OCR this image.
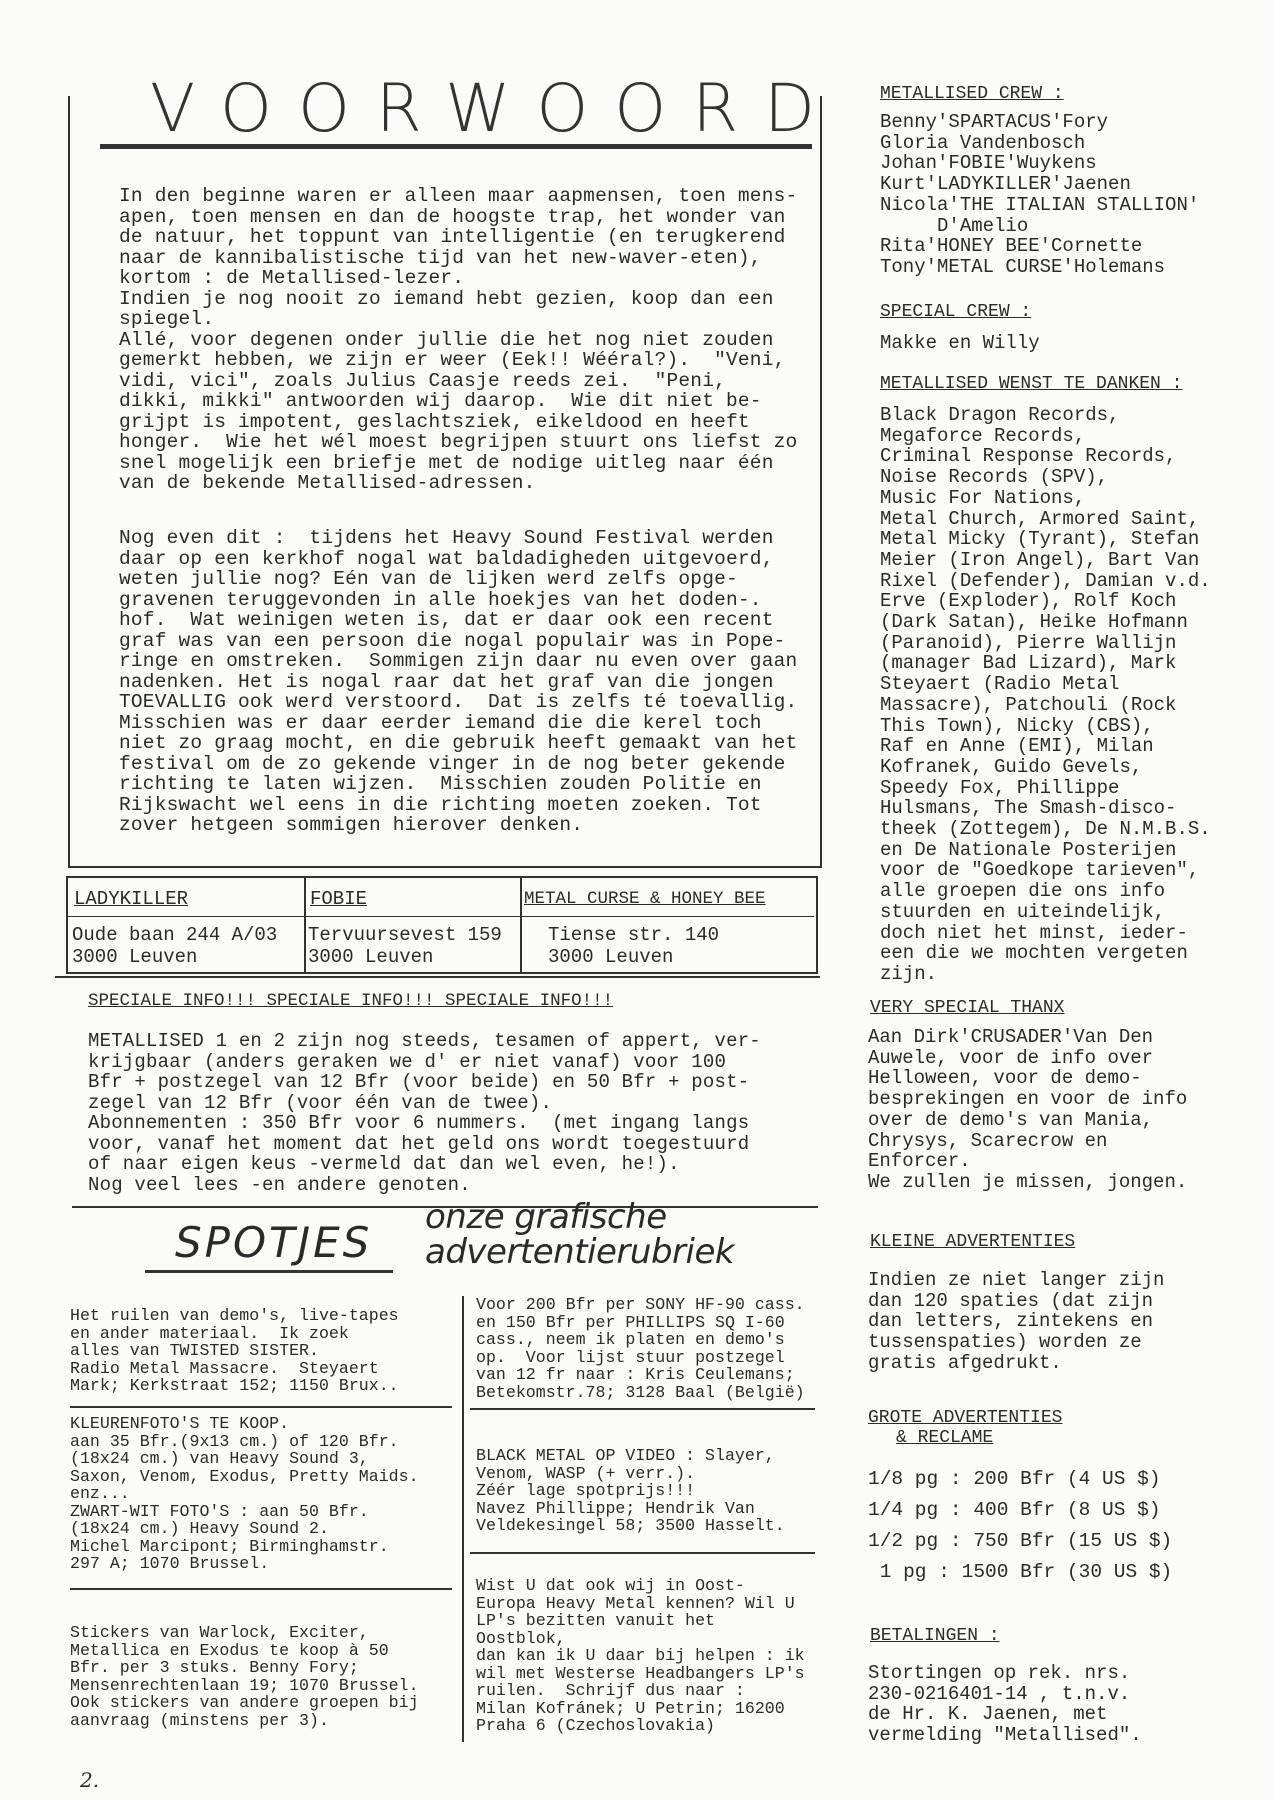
VOORWOORD
In den beginne waren er alleen maar aapmensen, toen mens-
apen, toen mensen en dan de hoogste trap, het wonder van
de natuur, het toppunt van intelligentie (en terugkerend
naar de kannibalistische tijd van het new-waver-eten),
kortom : de Metallised-lezer.
Indien je nog nooit zo iemand hebt gezien, koop dan een
spiegel.
Allé, voor degenen onder jullie die het nog niet zouden
gemerkt hebben, we zijn er weer (Eek!! Wééral?).  "Veni,
vidi, vici", zoals Julius Caasje reeds zei.  "Peni,
dikki, mikki" antwoorden wij daarop.  Wie dit niet be-
grijpt is impotent, geslachtsziek, eikeldood en heeft
honger.  Wie het wél moest begrijpen stuurt ons liefst zo
snel mogelijk een briefje met de nodige uitleg naar één
van de bekende Metallised-adressen.
Nog even dit :  tijdens het Heavy Sound Festival werden
daar op een kerkhof nogal wat baldadigheden uitgevoerd,
weten jullie nog? Eén van de lijken werd zelfs opge-
gravenen teruggevonden in alle hoekjes van het doden-.
hof.  Wat weinigen weten is, dat er daar ook een recent
graf was van een persoon die nogal populair was in Pope-
ringe en omstreken.  Sommigen zijn daar nu even over gaan
nadenken. Het is nogal raar dat het graf van die jongen
TOEVALLIG ook werd verstoord.  Dat is zelfs té toevallig.
Misschien was er daar eerder iemand die die kerel toch
niet zo graag mocht, en die gebruik heeft gemaakt van het
festival om de zo gekende vinger in de nog beter gekende
richting te laten wijzen.  Misschien zouden Politie en
Rijkswacht wel eens in die richting moeten zoeken. Tot
zover hetgeen sommigen hierover denken.
LADYKILLER
Oude baan 244 A/03
3000 Leuven
FOBIE
Tervuursevest 159
3000 Leuven
METAL CURSE & HONEY BEE
Tiense str. 140
3000 Leuven
SPECIALE INFO!!! SPECIALE INFO!!! SPECIALE INFO!!!
METALLISED 1 en 2 zijn nog steeds, tesamen of appert, ver-
krijgbaar (anders geraken we d' er niet vanaf) voor 100
Bfr + postzegel van 12 Bfr (voor beide) en 50 Bfr + post-
zegel van 12 Bfr (voor één van de twee).
Abonnementen : 350 Bfr voor 6 nummers.  (met ingang langs
voor, vanaf het moment dat het geld ons wordt toegestuurd
of naar eigen keus -vermeld dat dan wel even, he!).
Nog veel lees -en andere genoten.
SPOTJES
onze grafische
advertentierubriek
Het ruilen van demo's, live-tapes
en ander materiaal.  Ik zoek
alles van TWISTED SISTER.
Radio Metal Massacre.  Steyaert
Mark; Kerkstraat 152; 1150 Brux..
KLEURENFOTO'S TE KOOP.
aan 35 Bfr.(9x13 cm.) of 120 Bfr.
(18x24 cm.) van Heavy Sound 3,
Saxon, Venom, Exodus, Pretty Maids.
enz...
ZWART-WIT FOTO'S : aan 50 Bfr.
(18x24 cm.) Heavy Sound 2.
Michel Marcipont; Birminghamstr.
297 A; 1070 Brussel.
Stickers van Warlock, Exciter,
Metallica en Exodus te koop à 50
Bfr. per 3 stuks. Benny Fory;
Mensenrechtenlaan 19; 1070 Brussel.
Ook stickers van andere groepen bij
aanvraag (minstens per 3).
Voor 200 Bfr per SONY HF-90 cass.
en 150 Bfr per PHILLIPS SQ I-60
cass., neem ik platen en demo's
op.  Voor lijst stuur postzegel
van 12 fr naar : Kris Ceulemans;
Betekomstr.78; 3128 Baal (België)
BLACK METAL OP VIDEO : Slayer,
Venom, WASP (+ verr.).
Zéér lage spotprijs!!!
Navez Phillippe; Hendrik Van
Veldekesingel 58; 3500 Hasselt.
Wist U dat ook wij in Oost- Europa Heavy Metal kennen? Wil U
LP's bezitten vanuit het Oostblok,
dan kan ik U daar bij helpen : ik
wil met Westerse Headbangers LP's
ruilen.  Schrijf dus naar :
Milan Kofránek; U Petrin; 16200
Praha 6 (Czechoslovakia)
METALLISED CREW :
Benny'SPARTACUS'Fory
Gloria Vandenbosch
Johan'FOBIE'Wuykens
Kurt'LADYKILLER'Jaenen
Nicola'THE ITALIAN STALLION'
D'Amelio
Rita'HONEY BEE'Cornette
Tony'METAL CURSE'Holemans
SPECIAL CREW :
Makke en Willy
METALLISED WENST TE DANKEN :
Black Dragon Records,
Megaforce Records,
Criminal Response Records,
Noise Records (SPV),
Music For Nations,
Metal Church, Armored Saint,
Metal Micky (Tyrant), Stefan
Meier (Iron Angel), Bart Van
Rixel (Defender), Damian v.d.
Erve (Exploder), Rolf Koch
(Dark Satan), Heike Hofmann
(Paranoid), Pierre Wallijn
(manager Bad Lizard), Mark
Steyaert (Radio Metal
Massacre), Patchouli (Rock
This Town), Nicky (CBS),
Raf en Anne (EMI), Milan
Kofranek, Guido Gevels,
Speedy Fox, Phillippe
Hulsmans, The Smash-disco-
theek (Zottegem), De N.M.B.S.
en De Nationale Posterijen
voor de "Goedkope tarieven",
alle groepen die ons info
stuurden en uiteindelijk,
doch niet het minst, ieder-
een die we mochten vergeten
zijn.
VERY SPECIAL THANX
Aan Dirk'CRUSADER'Van Den
Auwele, voor de info over
Helloween, voor de demo-
besprekingen en voor de info
over de demo's van Mania,
Chrysys, Scarecrow en
Enforcer.
We zullen je missen, jongen.
KLEINE ADVERTENTIES
Indien ze niet langer zijn
dan 120 spaties (dat zijn
dan letters, zintekens en
tussenspaties) worden ze
gratis afgedrukt.
GROTE ADVERTENTIES
& RECLAME
1/8 pg : 200 Bfr (4 US $)
1/4 pg : 400 Bfr (8 US $)
1/2 pg : 750 Bfr (15 US $)
1 pg : 1500 Bfr (30 US $)
BETALINGEN :
Stortingen op rek. nrs.
230-0216401-14 , t.n.v.
de Hr. K. Jaenen, met
vermelding "Metallised".
2.
